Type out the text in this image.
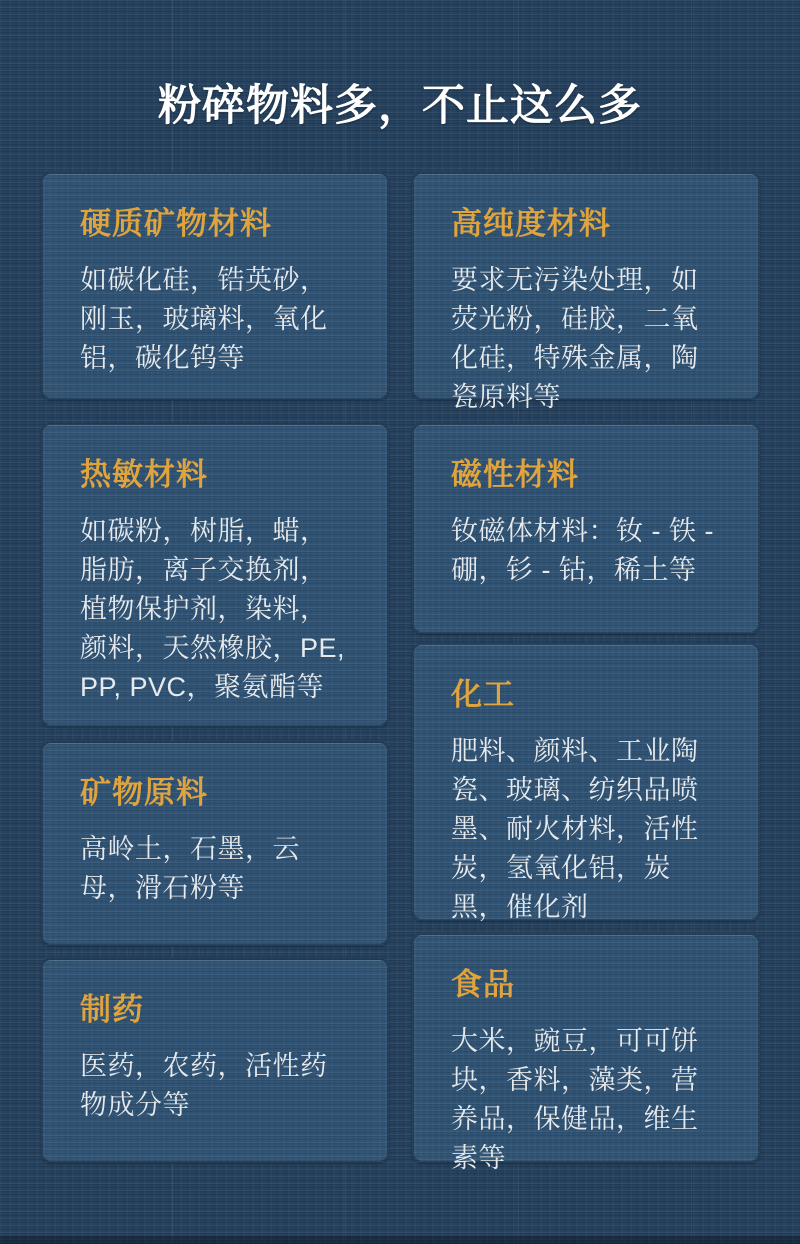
粉碎物料多，不止这么多
硬质矿物材料

如碳化硅，锆英砂，刚玉，玻璃料，氧化铝，碳化钨等

高纯度材料

要求无污染处理，如荧光粉，硅胶，二氧化硅，特殊金属，陶瓷原料等

热敏材料

如碳粉，树脂，蜡，脂肪，离子交换剂，植物保护剂，染料，颜料，天然橡胶，PE, PP, PVC，聚氨酯等

磁性材料

钕磁体材料：钕 - 铁 - 硼，钐 - 钴，稀土等

化工

肥料、颜料、工业陶瓷、玻璃、纺织品喷墨、耐火材料，活性炭，氢氧化铝，炭黑，催化剂

矿物原料

高岭土，石墨，云母，滑石粉等

制药

医药，农药，活性药物成分等

食品

大米，豌豆，可可饼块，香料，藻类，营养品，保健品，维生素等
